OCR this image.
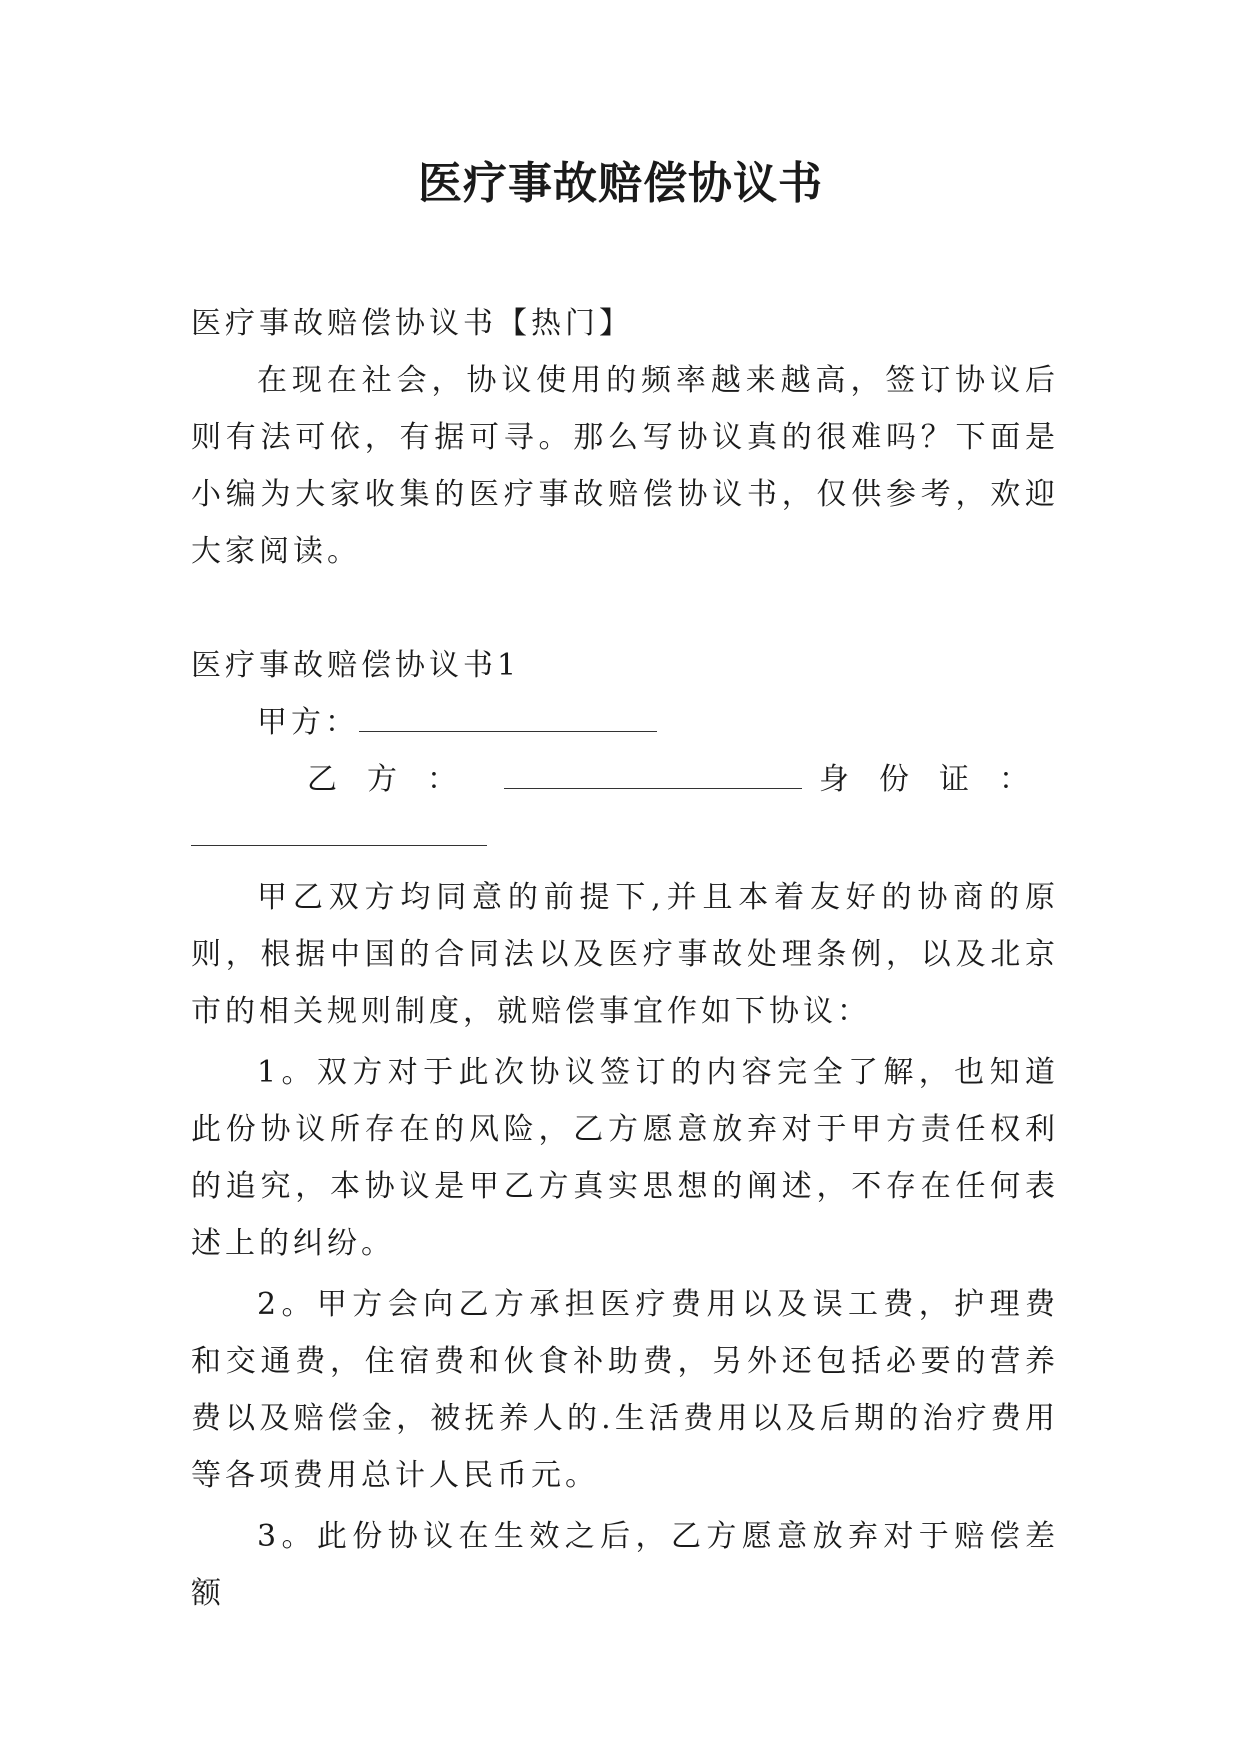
医疗事故赔偿协议书

医疗事故赔偿协议书【热门】

在现在社会，协议使用的频率越来越高，签订协议后则有法可依，有据可寻。那么写协议真的很难吗？下面是小编为大家收集的医疗事故赔偿协议书，仅供参考，欢迎大家阅读。

医疗事故赔偿协议书1

甲方：
乙方：	身份证：

甲乙双方均同意的前提下,并且本着友好的协商的原则，根据中国的合同法以及医疗事故处理条例，以及北京市的相关规则制度，就赔偿事宜作如下协议：

1。双方对于此次协议签订的内容完全了解，也知道此份协议所存在的风险，乙方愿意放弃对于甲方责任权利的追究，本协议是甲乙方真实思想的阐述，不存在任何表述上的纠纷。

2。甲方会向乙方承担医疗费用以及误工费，护理费和交通费，住宿费和伙食补助费，另外还包括必要的营养费以及赔偿金，被抚养人的.生活费用以及后期的治疗费用等各项费用总计人民币元。

3。此份协议在生效之后，乙方愿意放弃对于赔偿差额
